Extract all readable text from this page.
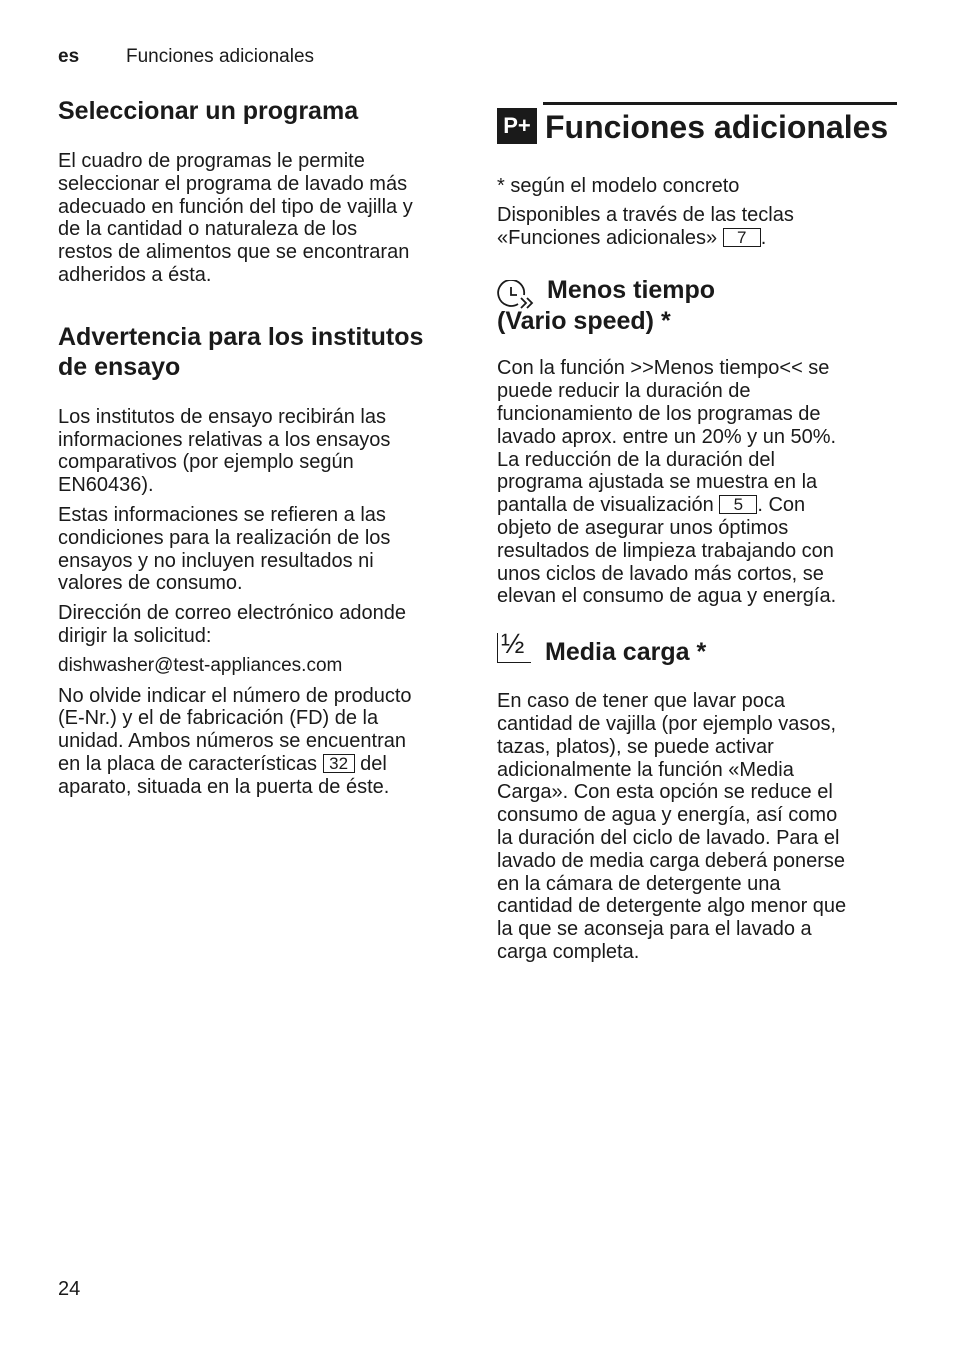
es Funciones adicionales
Seleccionar un programa

El cuadro de programas le permite
seleccionar el programa de lavado más
adecuado en función del tipo de vajilla y
de la cantidad o naturaleza de los
restos de alimentos que se encontraran
adheridos a ésta.

Advertencia para los institutos
de ensayo

Los institutos de ensayo recibirán las
informaciones relativas a los ensayos
comparativos (por ejemplo según
EN60436).

Estas informaciones se refieren a las
condiciones para la realización de los
ensayos y no incluyen resultados ni
valores de consumo.

Dirección de correo electrónico adonde
dirigir la solicitud:

dishwasher@test-appliances.com

No olvide indicar el número de producto
(E-Nr.) y el de fabricación (FD) de la
unidad. Ambos números se encuentran
en la placa de características 32 del
aparato, situada en la puerta de éste.

P+ Funciones adicionales

* según el modelo concreto

Disponibles a través de las teclas
«Funciones adicionales» 7 .

Menos tiempo
(Vario speed) *

Con la función >>Menos tiempo<< se
puede reducir la duración de
funcionamiento de los programas de
lavado aprox. entre un 20% y un 50%.
La reducción de la duración del
programa ajustada se muestra en la
pantalla de visualización 5 . Con
objeto de asegurar unos óptimos
resultados de limpieza trabajando con
unos ciclos de lavado más cortos, se
elevan el consumo de agua y energía.

½ Media carga *

En caso de tener que lavar poca
cantidad de vajilla (por ejemplo vasos,
tazas, platos), se puede activar
adicionalmente la función «Media
Carga». Con esta opción se reduce el
consumo de agua y energía, así como
la duración del ciclo de lavado. Para el
lavado de media carga deberá ponerse
en la cámara de detergente una
cantidad de detergente algo menor que
la que se aconseja para el lavado a
carga completa.

24
